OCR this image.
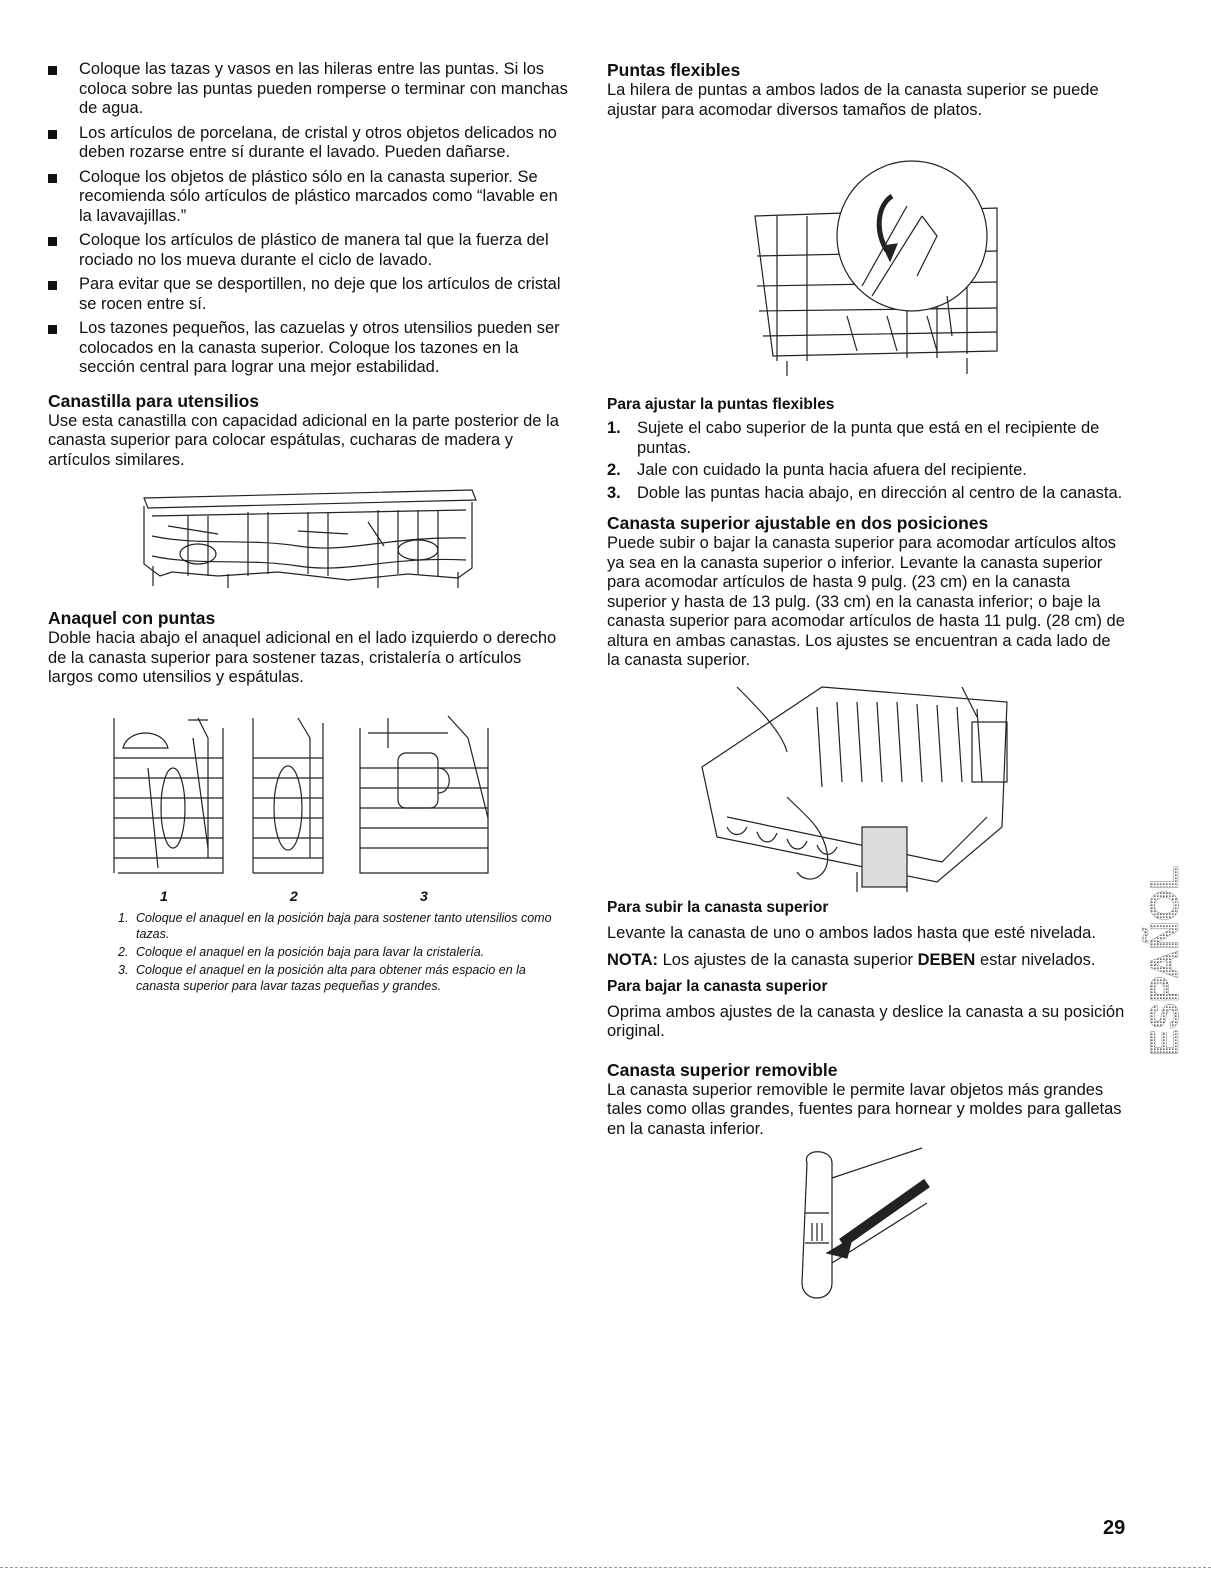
Coloque las tazas y vasos en las hileras entre las puntas. Si los coloca sobre las puntas pueden romperse o terminar con manchas de agua.
Los artículos de porcelana, de cristal y otros objetos delicados no deben rozarse entre sí durante el lavado. Pueden dañarse.
Coloque los objetos de plástico sólo en la canasta superior. Se recomienda sólo artículos de plástico marcados como “lavable en la lavavajillas.”
Coloque los artículos de plástico de manera tal que la fuerza del rociado no los mueva durante el ciclo de lavado.
Para evitar que se desportillen, no deje que los artículos de cristal se rocen entre sí.
Los tazones pequeños, las cazuelas y otros utensilios pueden ser colocados en la canasta superior. Coloque los tazones en la sección central para lograr una mejor estabilidad.
Canastilla para utensilios

Use esta canastilla con capacidad adicional en la parte posterior de la canasta superior para colocar espátulas, cucharas de madera y artículos similares.

Anaquel con puntas

Doble hacia abajo el anaquel adicional en el lado izquierdo o derecho de la canasta superior para sostener tazas, cristalería o artículos largos como utensilios y espátulas.

1	2	3
1. Coloque el anaquel en la posición baja para sostener tanto utensilios como tazas.
2. Coloque el anaquel en la posición baja para lavar la cristalería.
3. Coloque el anaquel en la posición alta para obtener más espacio en la canasta superior para lavar tazas pequeñas y grandes.
Puntas flexibles

La hilera de puntas a ambos lados de la canasta superior se puede ajustar para acomodar diversos tamaños de platos.

Para ajustar la puntas flexibles
1. Sujete el cabo superior de la punta que está en el recipiente de puntas.
2. Jale con cuidado la punta hacia afuera del recipiente.
3. Doble las puntas hacia abajo, en dirección al centro de la canasta.
Canasta superior ajustable en dos posiciones

Puede subir o bajar la canasta superior para acomodar artículos altos ya sea en la canasta superior o inferior. Levante la canasta superior para acomodar artículos de hasta 9 pulg. (23 cm) en la canasta superior y hasta de 13 pulg. (33 cm) en la canasta inferior; o baje la canasta superior para acomodar artículos de hasta 11 pulg. (28 cm) de altura en ambas canastas. Los ajustes se encuentran a cada lado de la canasta superior.

Para subir la canasta superior

Levante la canasta de uno o ambos lados hasta que esté nivelada.

NOTA: Los ajustes de la canasta superior DEBEN estar nivelados.

Para bajar la canasta superior

Oprima ambos ajustes de la canasta y deslice la canasta a su posición original.

Canasta superior removible

La canasta superior removible le permite lavar objetos más grandes tales como ollas grandes, fuentes para hornear y moldes para galletas en la canasta inferior.

ESPAÑOL
29
